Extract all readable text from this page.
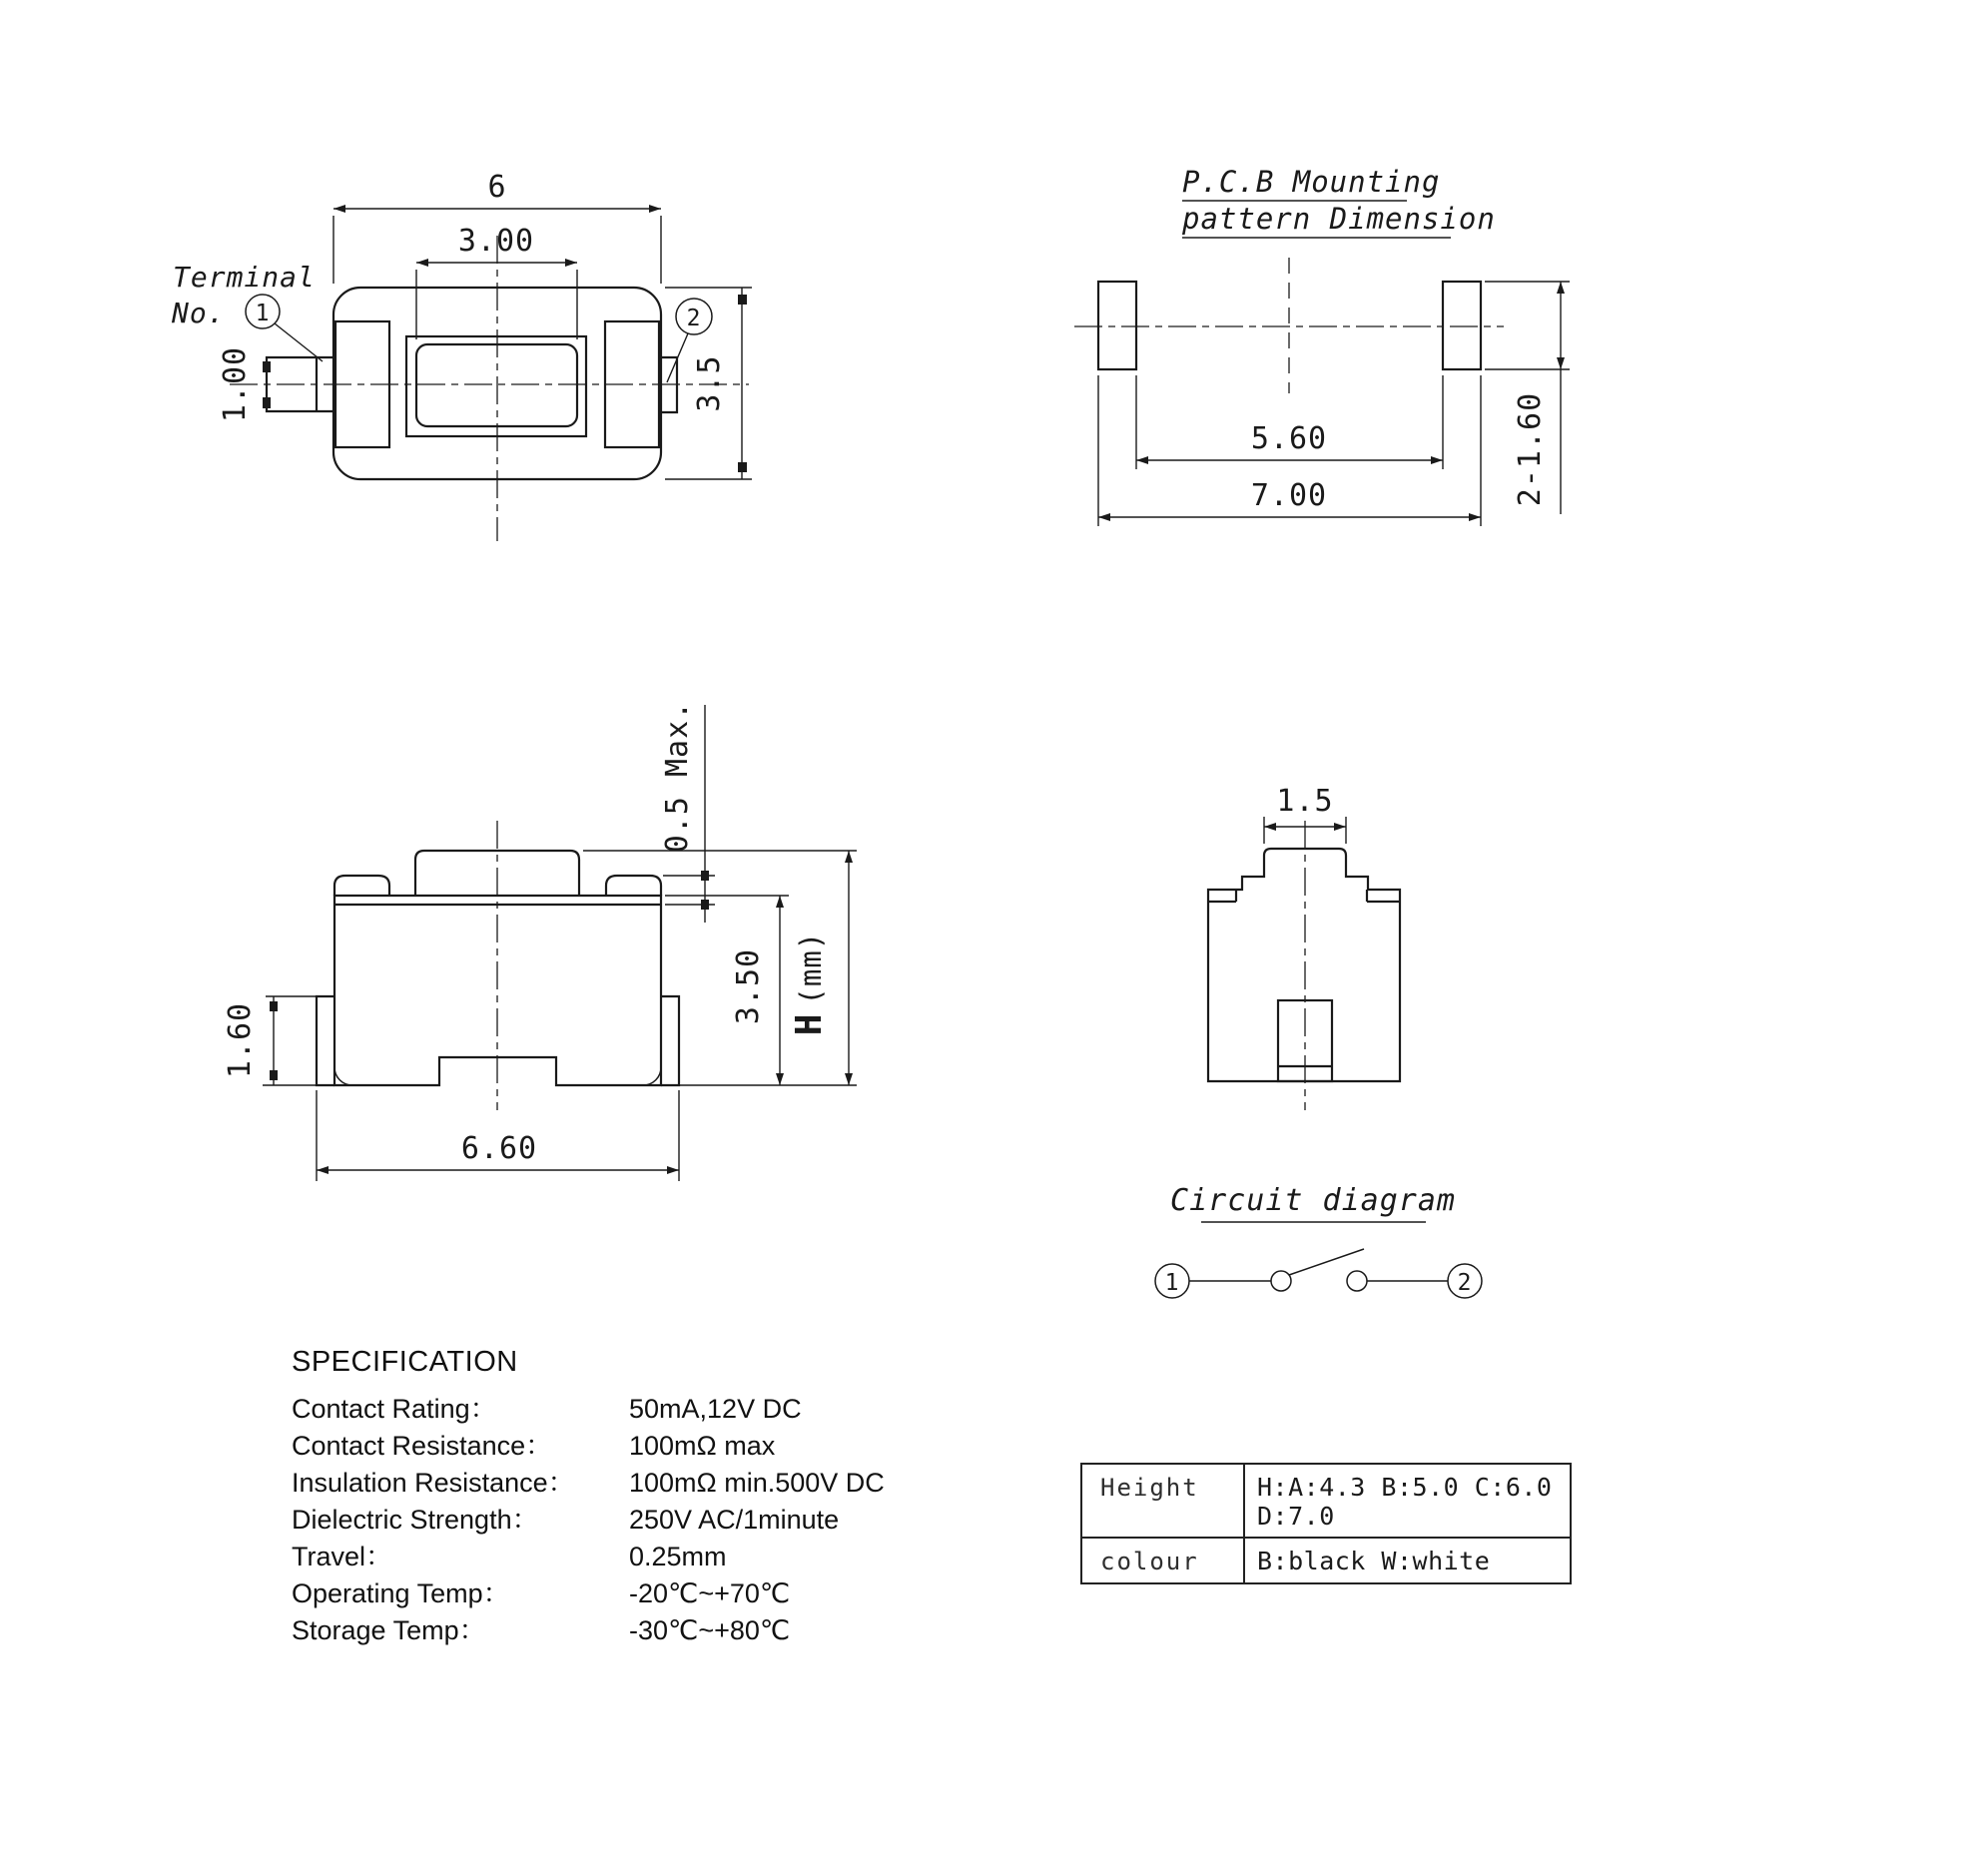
6
3.00
1.00	3.5
Terminal
No. 1	2
P.C.B Mounting
pattern Dimension
5.60
7.00	2-1.60
0.5 Max.
3.50 H(mm)
1.60
6.60
1.5
Circuit diagram
1	2
SPECIFICATION
Contact Rating：	50mA,12V DC
Contact Resistance：	100mΩ max
Insulation Resistance： 100mΩ min.500V DC
Dielectric Strength：	250V AC/1minute
Travel：	0.25mm
Operating Temp：	-20℃~+70℃
Storage Temp：	-30℃~+80℃
Height	H:A:4.3 B:5.0 C:6.0 D:7.0
colour	B:black W:white
